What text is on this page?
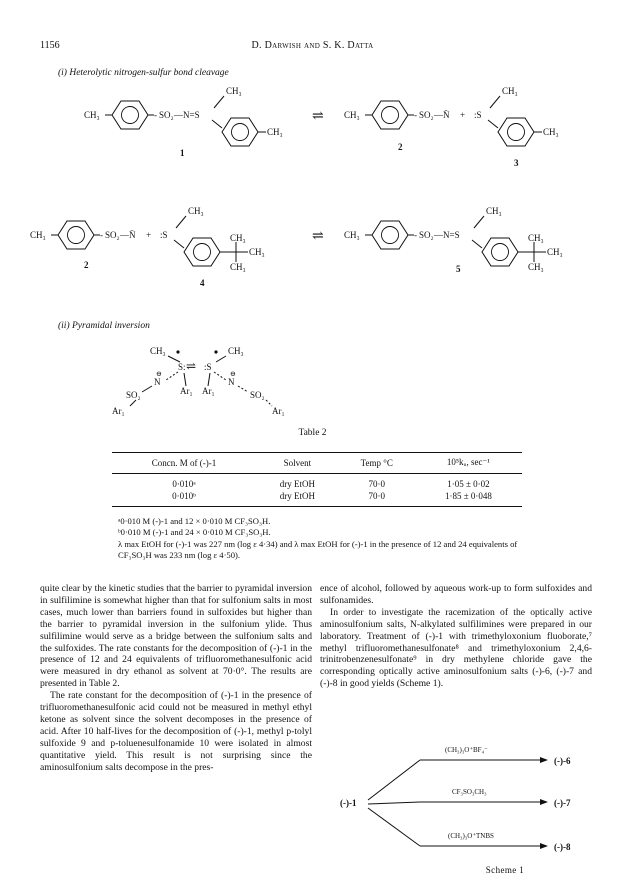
1156	D. Darwish and S. K. Datta
(i) Heterolytic nitrogen-sulfur bond cleavage
(ii) Pyramidal inversion
CH₃	- SO₂ —N=S
CH₃
CH₃
1
⇌ CH₃	- SO₂ —N̈ + :S
CH₃
CH₃
2
3
CH₃	- SO₂ —N̈ + :S
CH₃
CH₃
CH₃
CH₃
2
4
⇌ CH₃	- SO₂ —N=S
CH₃
CH₃
CH₃
CH₃
5
CH₃
S: ⇌ :S
CH₃
N
⊖
Ar₁ Ar₁
N
⊖
SO₂
Ar₁
SO₂
Ar₁
Table 2
Concn. M of (-)-1	Solvent	Temp °C	10⁵kᵤ, sec⁻¹
0·010ᵃ	dry EtOH	70·0	1·05 ± 0·02
0·010ᵇ	dry EtOH	70·0	1·85 ± 0·048
ᵃ0·010 M (-)-1 and 12 × 0·010 M CF₃SO₃H.
ᵇ0·010 M (-)-1 and 24 × 0·010 M CF₃SO₃H.
λ max EtOH for (-)-1 was 227 nm (log ε 4·34) and λ max EtOH for (-)-1 in the presence of 12 and 24 equivalents of CF₃SO₃H was 233 nm (log ε 4·50).

quite clear by the kinetic studies that the barrier to pyramidal inversion in sulfilimine is somewhat higher than that for sulfonium salts in most cases, much lower than barriers found in sulfoxides but higher than the barrier to pyramidal inversion in the sulfonium ylide. Thus sulfilimine would serve as a bridge between the sulfonium salts and the sulfoxides. The rate constants for the decomposition of (-)-1 in the presence of 12 and 24 equivalents of trifluoromethanesulfonic acid were measured in dry ethanol as solvent at 70·0°. The results are presented in Table 2.

The rate constant for the decomposition of (-)-1 in the presence of trifluoromethanesulfonic acid could not be measured in methyl ethyl ketone as solvent since the solvent decomposes in the presence of acid. After 10 half-lives for the decomposition of (-)-1, methyl p-tolyl sulfoxide 9 and p-toluenesulfonamide 10 were isolated in almost quantitative yield. This result is not surprising since the aminosulfonium salts decompose in the pres-

ence of alcohol, followed by aqueous work-up to form sulfoxides and sulfonamides.

In order to investigate the racemization of the optically active aminosulfonium salts, N-alkylated sulfilimines were prepared in our laboratory. Treatment of (-)-1 with trimethyloxonium fluoborate,⁷ methyl trifluoromethanesulfonate⁸ and trimethyloxonium 2,4,6-trinitrobenzenesulfonate⁹ in dry methylene chloride gave the corresponding optically active aminosulfonium salts (-)-6, (-)-7 and (-)-8 in good yields (Scheme 1).

(-)-1
(CH₃)₃O⁺BF₄⁻
CF₃SO₃CH₃
(CH₃)₃O⁺TNBS
(-)-6
(-)-7
(-)-8
Scheme 1
